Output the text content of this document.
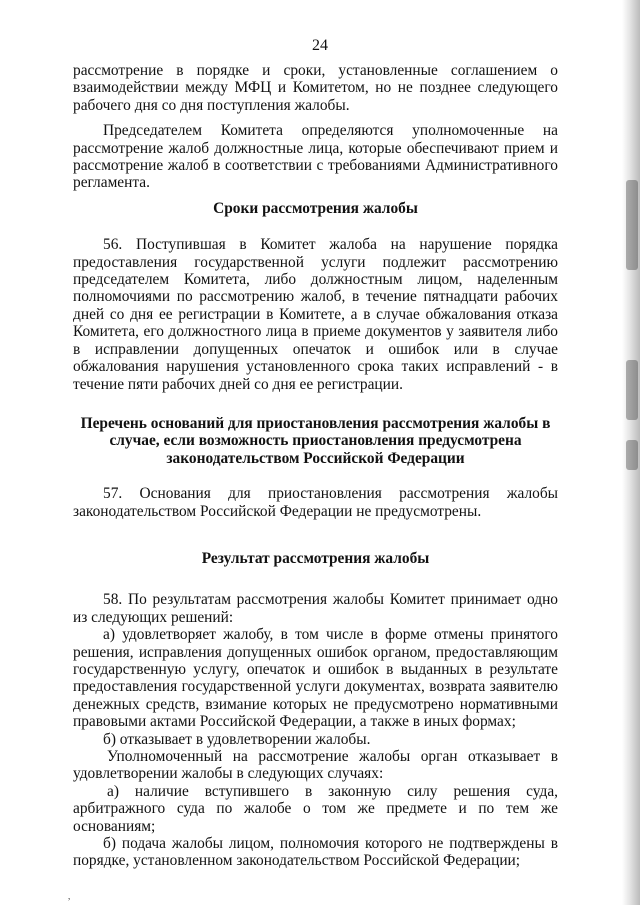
24

рассмотрение в порядке и сроки, установленные соглашением о взаимодействии между МФЦ и Комитетом, но не позднее следующего рабочего дня со дня поступления жалобы.

Председателем Комитета определяются уполномоченные на рассмотрение жалоб должностные лица, которые обеспечивают прием и рассмотрение жалоб в соответствии с требованиями Административного регламента.

Сроки рассмотрения жалобы

56. Поступившая в Комитет жалоба на нарушение порядка предоставления государственной услуги подлежит рассмотрению председателем Комитета, либо должностным лицом, наделенным полномочиями по рассмотрению жалоб, в течение пятнадцати рабочих дней со дня ее регистрации в Комитете, а в случае обжалования отказа Комитета, его должностного лица в приеме документов у заявителя либо в исправлении допущенных опечаток и ошибок или в случае обжалования нарушения установленного срока таких исправлений - в течение пяти рабочих дней со дня ее регистрации.

Перечень оснований для приостановления рассмотрения жалобы в случае, если возможность приостановления предусмотрена законодательством Российской Федерации

57. Основания для приостановления рассмотрения жалобы законодательством Российской Федерации не предусмотрены.

Результат рассмотрения жалобы

58. По результатам рассмотрения жалобы Комитет принимает одно из следующих решений:

а) удовлетворяет жалобу, в том числе в форме отмены принятого решения, исправления допущенных ошибок органом, предоставляющим государственную услугу, опечаток и ошибок в выданных в результате предоставления государственной услуги документах, возврата заявителю денежных средств, взимание которых не предусмотрено нормативными правовыми актами Российской Федерации, а также в иных формах;

б) отказывает в удовлетворении жалобы.

Уполномоченный на рассмотрение жалобы орган отказывает в удовлетворении жалобы в следующих случаях:

а) наличие вступившего в законную силу решения суда, арбитражного суда по жалобе о том же предмете и по тем же основаниям;

б) подача жалобы лицом, полномочия которого не подтверждены в порядке, установленном законодательством Российской Федерации;

,
